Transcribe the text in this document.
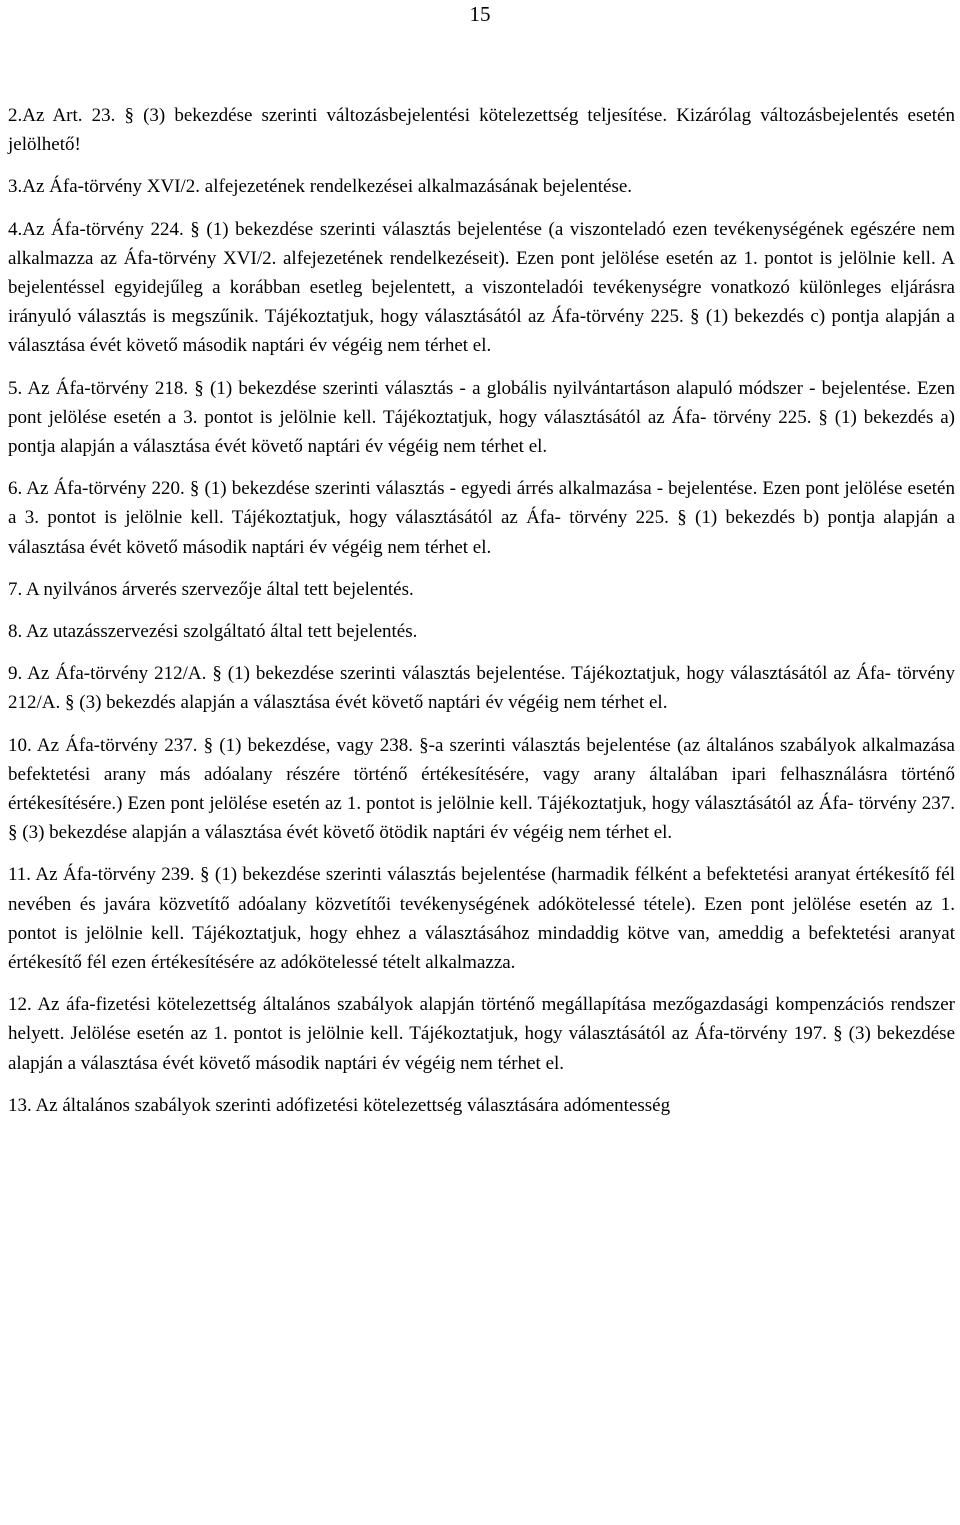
15

2.Az Art. 23. § (3) bekezdése szerinti változásbejelentési kötelezettség teljesítése. Kizárólag változásbejelentés esetén jelölhető!

3.Az Áfa-törvény XVI/2. alfejezetének rendelkezései alkalmazásának bejelentése.

4.Az Áfa-törvény 224. § (1) bekezdése szerinti választás bejelentése (a viszonteladó ezen tevékenységének egészére nem alkalmazza az Áfa-törvény XVI/2. alfejezetének rendelkezéseit). Ezen pont jelölése esetén az 1. pontot is jelölnie kell. A bejelentéssel egyidejűleg a korábban esetleg bejelentett, a viszonteladói tevékenységre vonatkozó különleges eljárásra irányuló választás is megszűnik. Tájékoztatjuk, hogy választásától az Áfa-törvény 225. § (1) bekezdés c) pontja alapján a választása évét követő második naptári év végéig nem térhet el.

5. Az Áfa-törvény 218. § (1) bekezdése szerinti választás - a globális nyilvántartáson alapuló módszer - bejelentése. Ezen pont jelölése esetén a 3. pontot is jelölnie kell. Tájékoztatjuk, hogy választásától az Áfa- törvény 225. § (1) bekezdés a) pontja alapján a választása évét követő naptári év végéig nem térhet el.

6. Az Áfa-törvény 220. § (1) bekezdése szerinti választás - egyedi árrés alkalmazása - bejelentése. Ezen pont jelölése esetén a 3. pontot is jelölnie kell. Tájékoztatjuk, hogy választásától az Áfa- törvény 225. § (1) bekezdés b) pontja alapján a választása évét követő második naptári év végéig nem térhet el.

7. A nyilvános árverés szervezője által tett bejelentés.

8. Az utazásszervezési szolgáltató által tett bejelentés.

9. Az Áfa-törvény 212/A. § (1) bekezdése szerinti választás bejelentése. Tájékoztatjuk, hogy választásától az Áfa- törvény 212/A. § (3) bekezdés alapján a választása évét követő naptári év végéig nem térhet el.

10. Az Áfa-törvény 237. § (1) bekezdése, vagy 238. §-a szerinti választás bejelentése (az általános szabályok alkalmazása befektetési arany más adóalany részére történő értékesítésére, vagy arany általában ipari felhasználásra történő értékesítésére.) Ezen pont jelölése esetén az 1. pontot is jelölnie kell. Tájékoztatjuk, hogy választásától az Áfa- törvény 237. § (3) bekezdése alapján a választása évét követő ötödik naptári év végéig nem térhet el.

11. Az Áfa-törvény 239. § (1) bekezdése szerinti választás bejelentése (harmadik félként a befektetési aranyat értékesítő fél nevében és javára közvetítő adóalany közvetítői tevékenységének adókötelessé tétele). Ezen pont jelölése esetén az 1. pontot is jelölnie kell. Tájékoztatjuk, hogy ehhez a választásához mindaddig kötve van, ameddig a befektetési aranyat értékesítő fél ezen értékesítésére az adókötelessé tételt alkalmazza.

12. Az áfa-fizetési kötelezettség általános szabályok alapján történő megállapítása mezőgazdasági kompenzációs rendszer helyett. Jelölése esetén az 1. pontot is jelölnie kell. Tájékoztatjuk, hogy választásától az Áfa-törvény 197. § (3) bekezdése alapján a választása évét követő második naptári év végéig nem térhet el.

13. Az általános szabályok szerinti adófizetési kötelezettség választására adómentesség
